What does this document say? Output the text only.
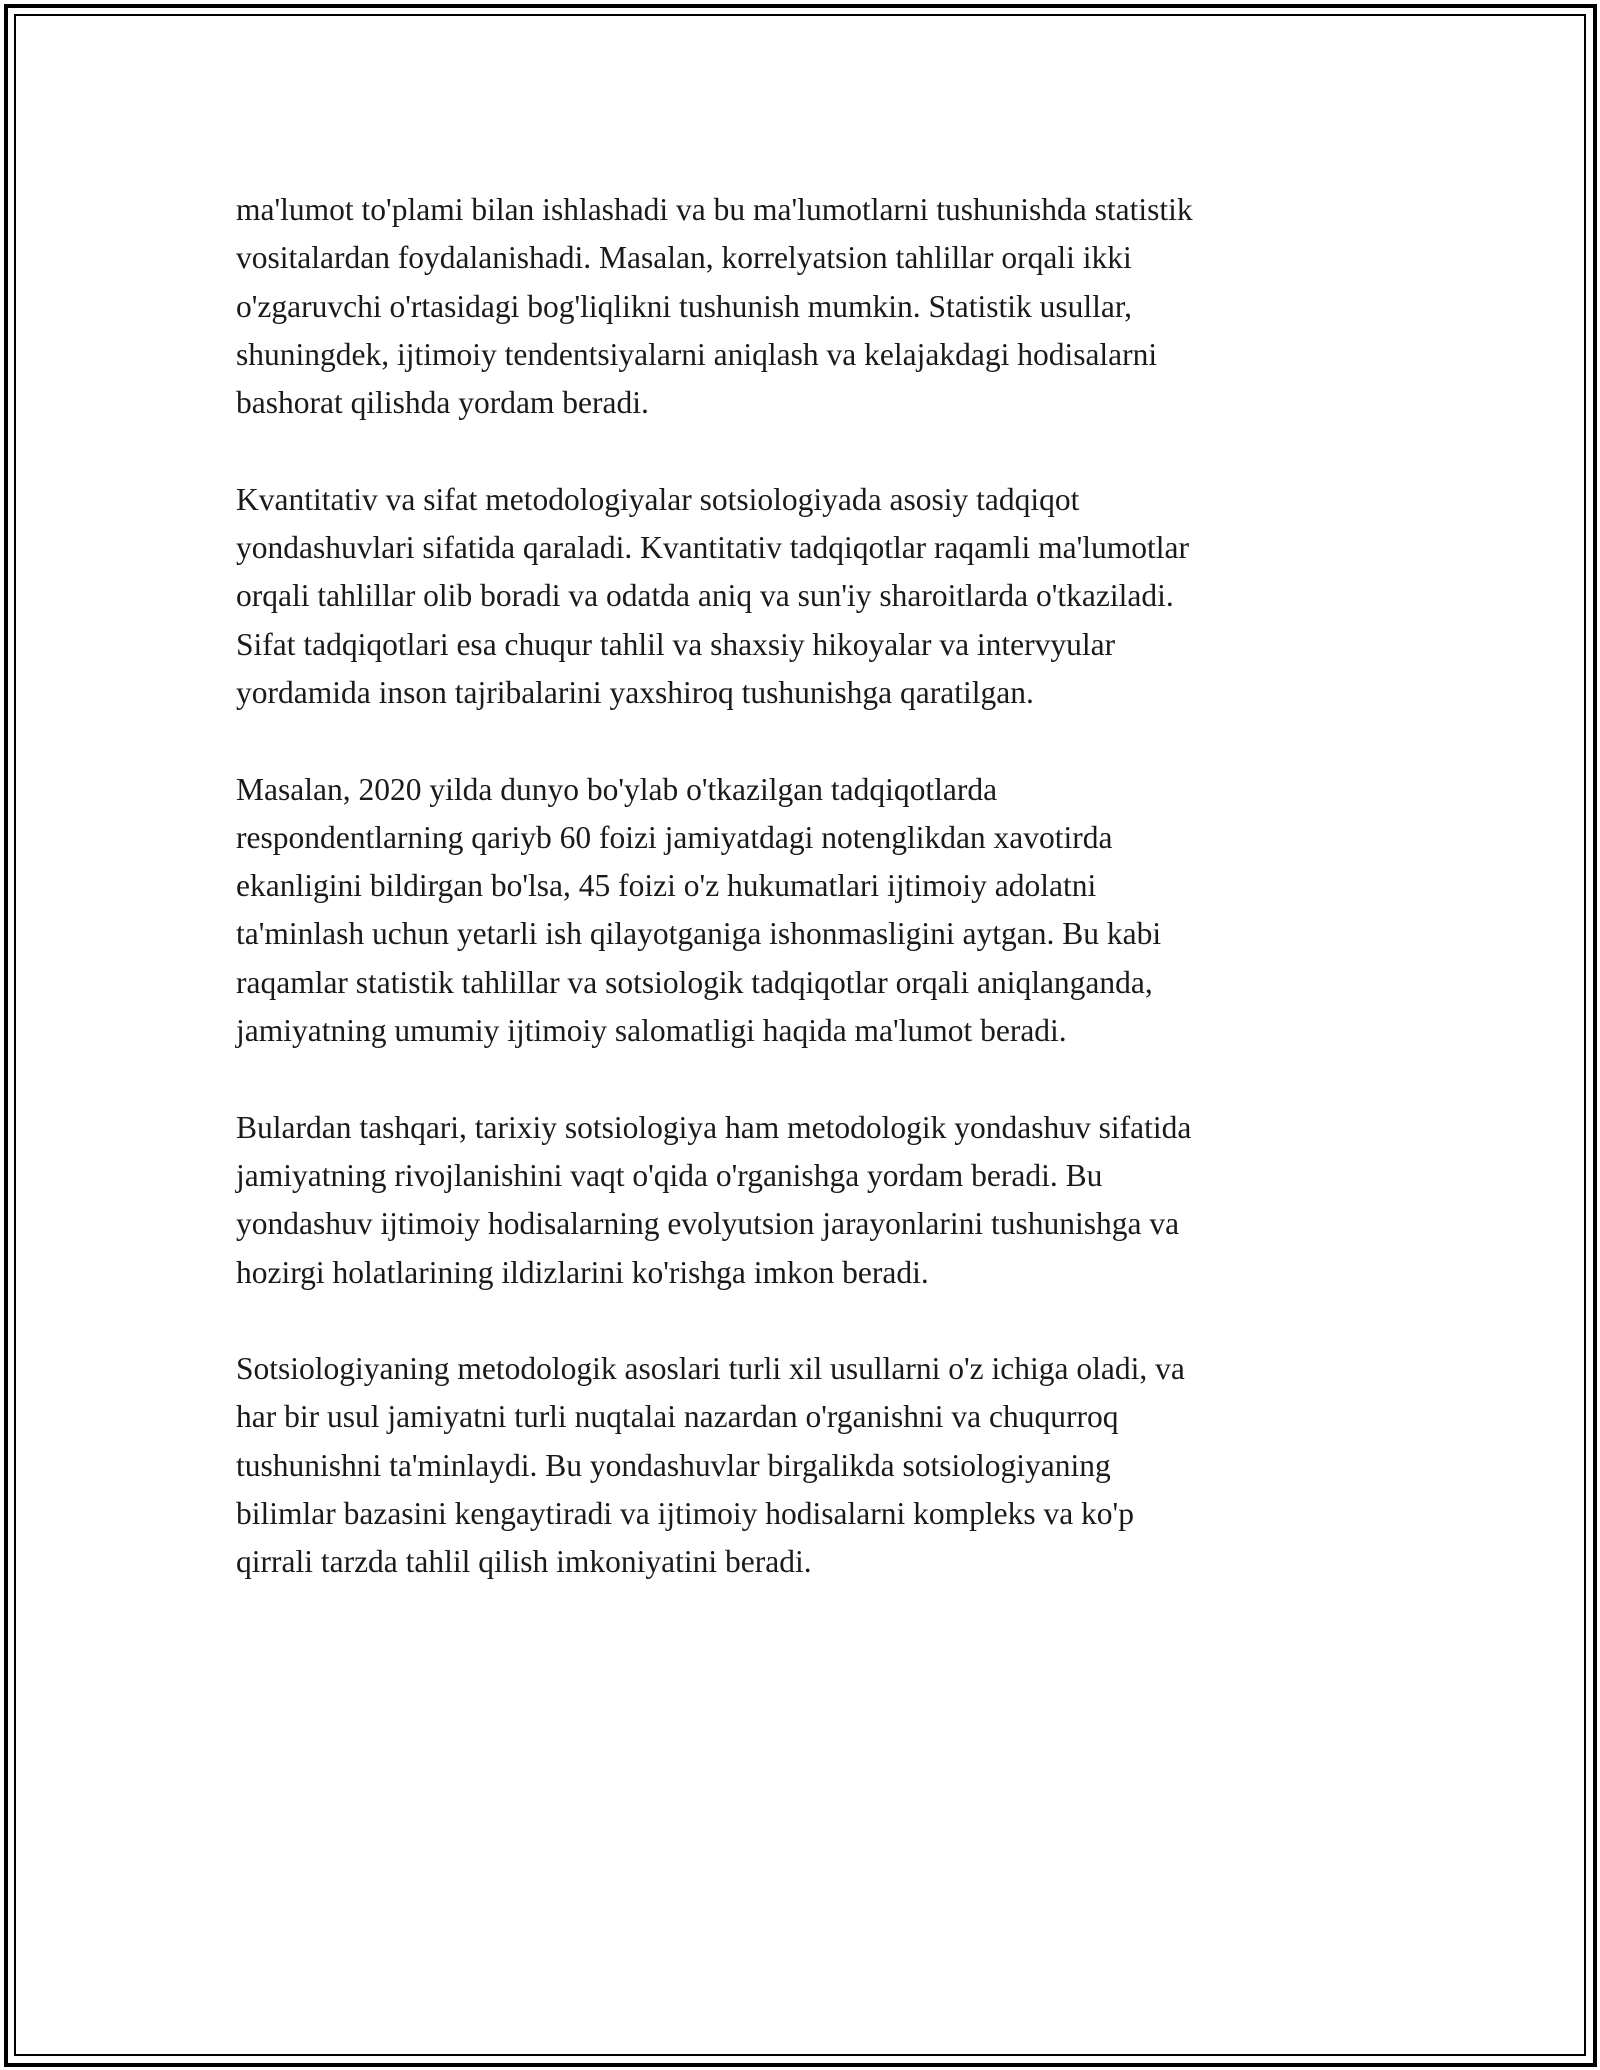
ma'lumot to'plami bilan ishlashadi va bu ma'lumotlarni tushunishda statistik
vositalardan foydalanishadi. Masalan, korrelyatsion tahlillar orqali ikki
o'zgaruvchi o'rtasidagi bog'liqlikni tushunish mumkin. Statistik usullar,
shuningdek, ijtimoiy tendentsiyalarni aniqlash va kelajakdagi hodisalarni
bashorat qilishda yordam beradi.

Kvantitativ va sifat metodologiyalar sotsiologiyada asosiy tadqiqot
yondashuvlari sifatida qaraladi. Kvantitativ tadqiqotlar raqamli ma'lumotlar
orqali tahlillar olib boradi va odatda aniq va sun'iy sharoitlarda o'tkaziladi.
Sifat tadqiqotlari esa chuqur tahlil va shaxsiy hikoyalar va intervyular
yordamida inson tajribalarini yaxshiroq tushunishga qaratilgan.

Masalan, 2020 yilda dunyo bo'ylab o'tkazilgan tadqiqotlarda
respondentlarning qariyb 60 foizi jamiyatdagi notenglikdan xavotirda
ekanligini bildirgan bo'lsa, 45 foizi o'z hukumatlari ijtimoiy adolatni
ta'minlash uchun yetarli ish qilayotganiga ishonmasligini aytgan. Bu kabi
raqamlar statistik tahlillar va sotsiologik tadqiqotlar orqali aniqlanganda,
jamiyatning umumiy ijtimoiy salomatligi haqida ma'lumot beradi.

Bulardan tashqari, tarixiy sotsiologiya ham metodologik yondashuv sifatida
jamiyatning rivojlanishini vaqt o'qida o'rganishga yordam beradi. Bu
yondashuv ijtimoiy hodisalarning evolyutsion jarayonlarini tushunishga va
hozirgi holatlarining ildizlarini ko'rishga imkon beradi.

Sotsiologiyaning metodologik asoslari turli xil usullarni o'z ichiga oladi, va
har bir usul jamiyatni turli nuqtalai nazardan o'rganishni va chuqurroq
tushunishni ta'minlaydi. Bu yondashuvlar birgalikda sotsiologiyaning
bilimlar bazasini kengaytiradi va ijtimoiy hodisalarni kompleks va ko'p
qirrali tarzda tahlil qilish imkoniyatini beradi.
